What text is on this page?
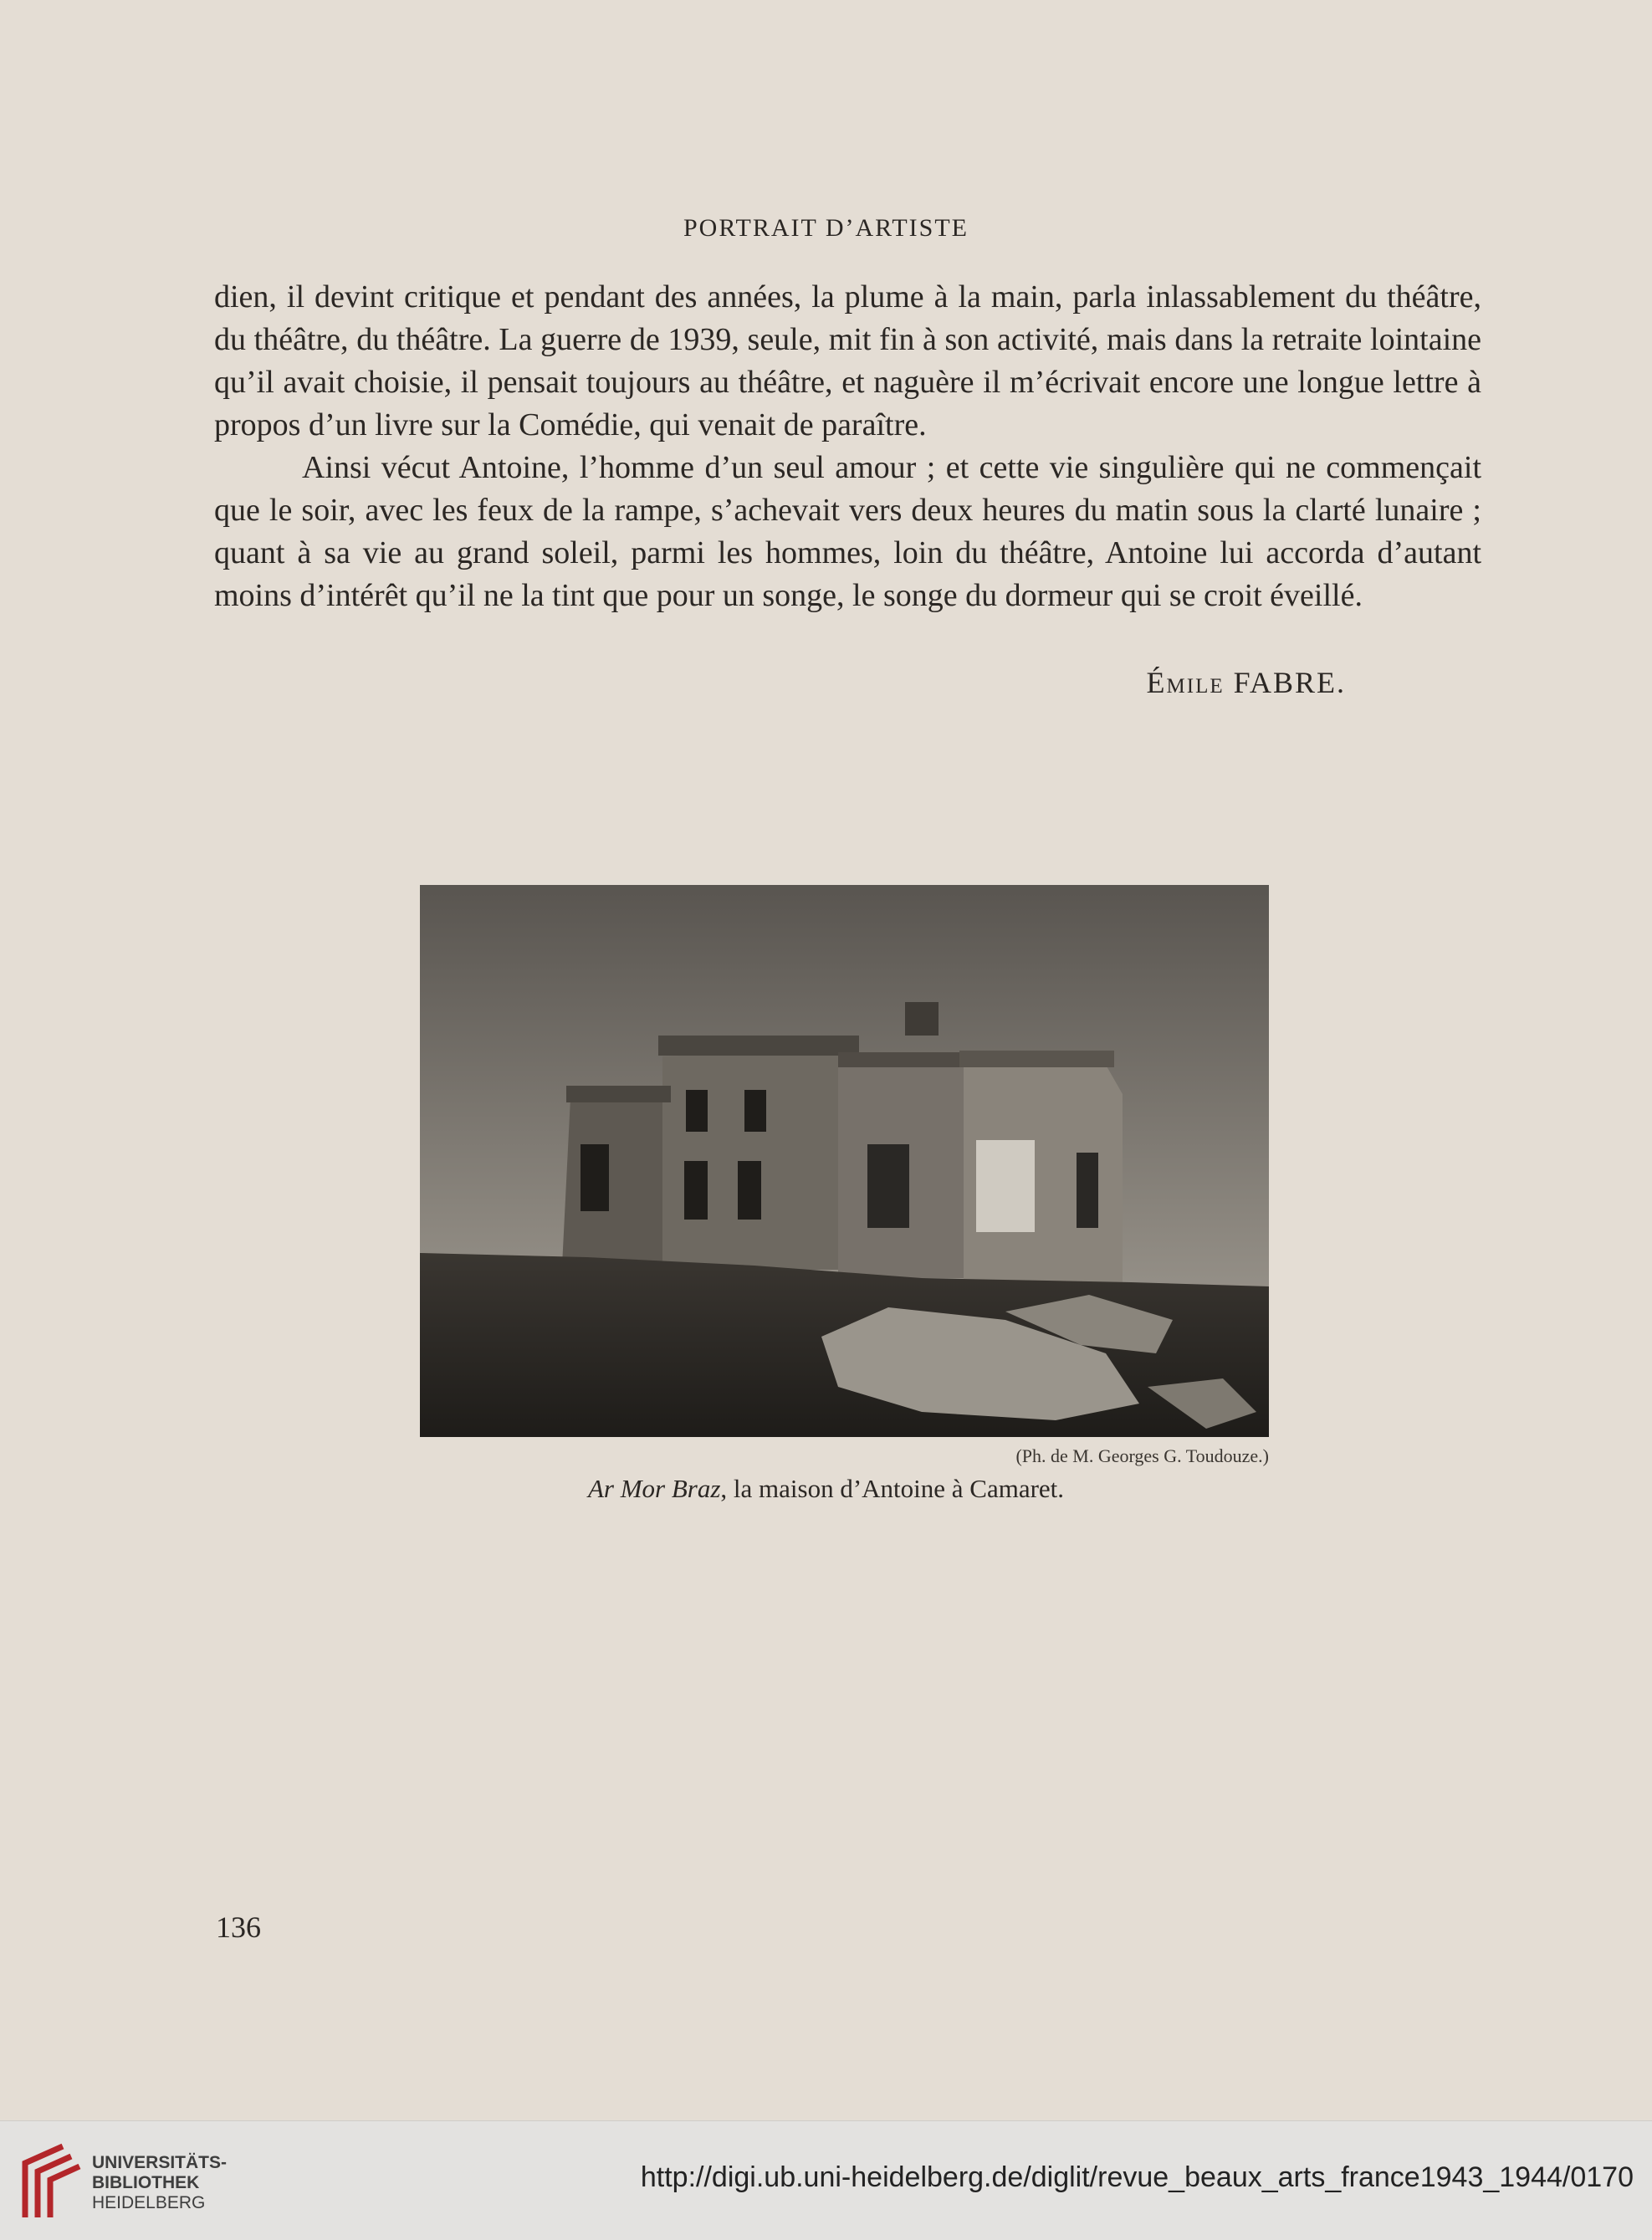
PORTRAIT D’ARTISTE

dien, il devint critique et pendant des années, la plume à la main, parla inlassablement du théâtre, du théâtre, du théâtre. La guerre de 1939, seule, mit fin à son activité, mais dans la retraite lointaine qu’il avait choisie, il pensait toujours au théâtre, et naguère il m’écrivait encore une longue lettre à propos d’un livre sur la Comédie, qui venait de paraître.

Ainsi vécut Antoine, l’homme d’un seul amour ; et cette vie singulière qui ne commençait que le soir, avec les feux de la rampe, s’achevait vers deux heures du matin sous la clarté lunaire ; quant à sa vie au grand soleil, parmi les hommes, loin du théâtre, Antoine lui accorda d’autant moins d’intérêt qu’il ne la tint que pour un songe, le songe du dormeur qui se croit éveillé.

Émile FABRE.
(Ph. de M. Georges G. Toudouze.)
Ar Mor Braz, la maison d’Antoine à Camaret.
136
UNIVERSITÄTS-
BIBLIOTHEK
HEIDELBERG
http://digi.ub.uni-heidelberg.de/diglit/revue_beaux_arts_france1943_1944/0170
